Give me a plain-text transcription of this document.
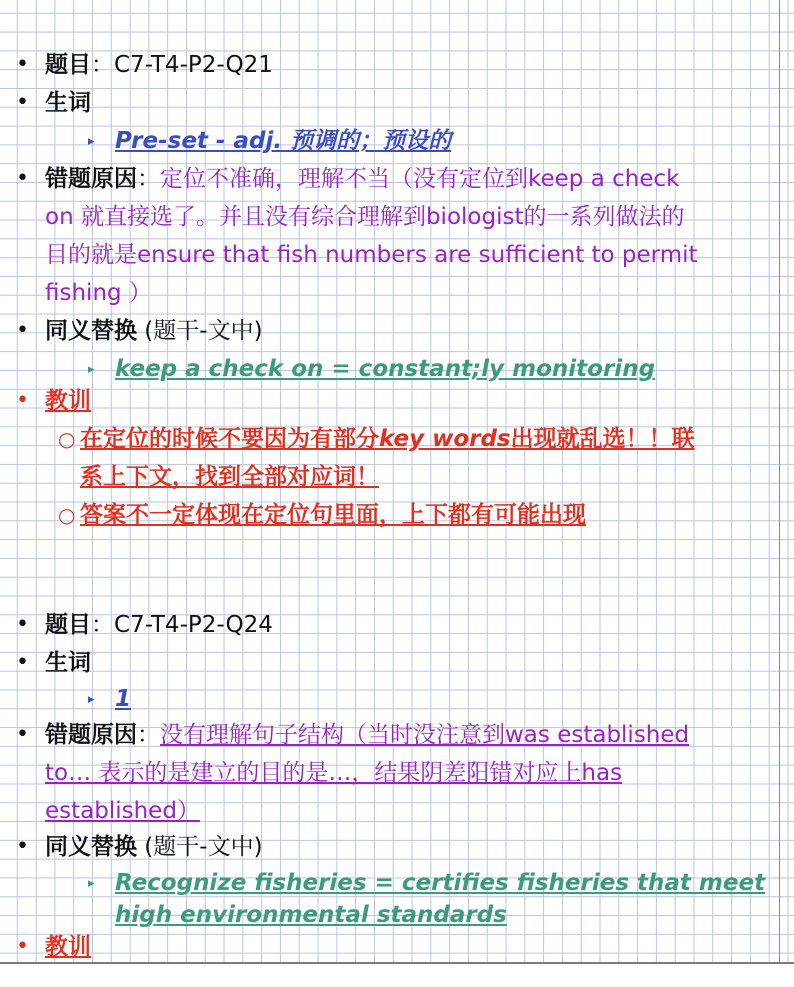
• 题目：C7-T4-P2-Q21
• 生词
▸ Pre-set - adj. 预调的；预设的
• 错题原因：定位不准确，理解不当（没有定位到keep a check
on 就直接选了。并且没有综合理解到biologist的一系列做法的
目的就是ensure that fish numbers are sufficient to permit
fishing ）
• 同义替换 (题干-文中)
▸ keep a check on = constant;ly monitoring
• 教训
○ 在定位的时候不要因为有部分key words出现就乱选！！联
系上下文，找到全部对应词！
○ 答案不一定体现在定位句里面，上下都有可能出现
• 题目：C7-T4-P2-Q24
• 生词
▸ 1
• 错题原因：没有理解句子结构（当时没注意到was established
to… 表示的是建立的目的是…，结果阴差阳错对应上has
established）
• 同义替换 (题干-文中)
▸ Recognize fisheries = certifies fisheries that meet
high environmental standards
• 教训
